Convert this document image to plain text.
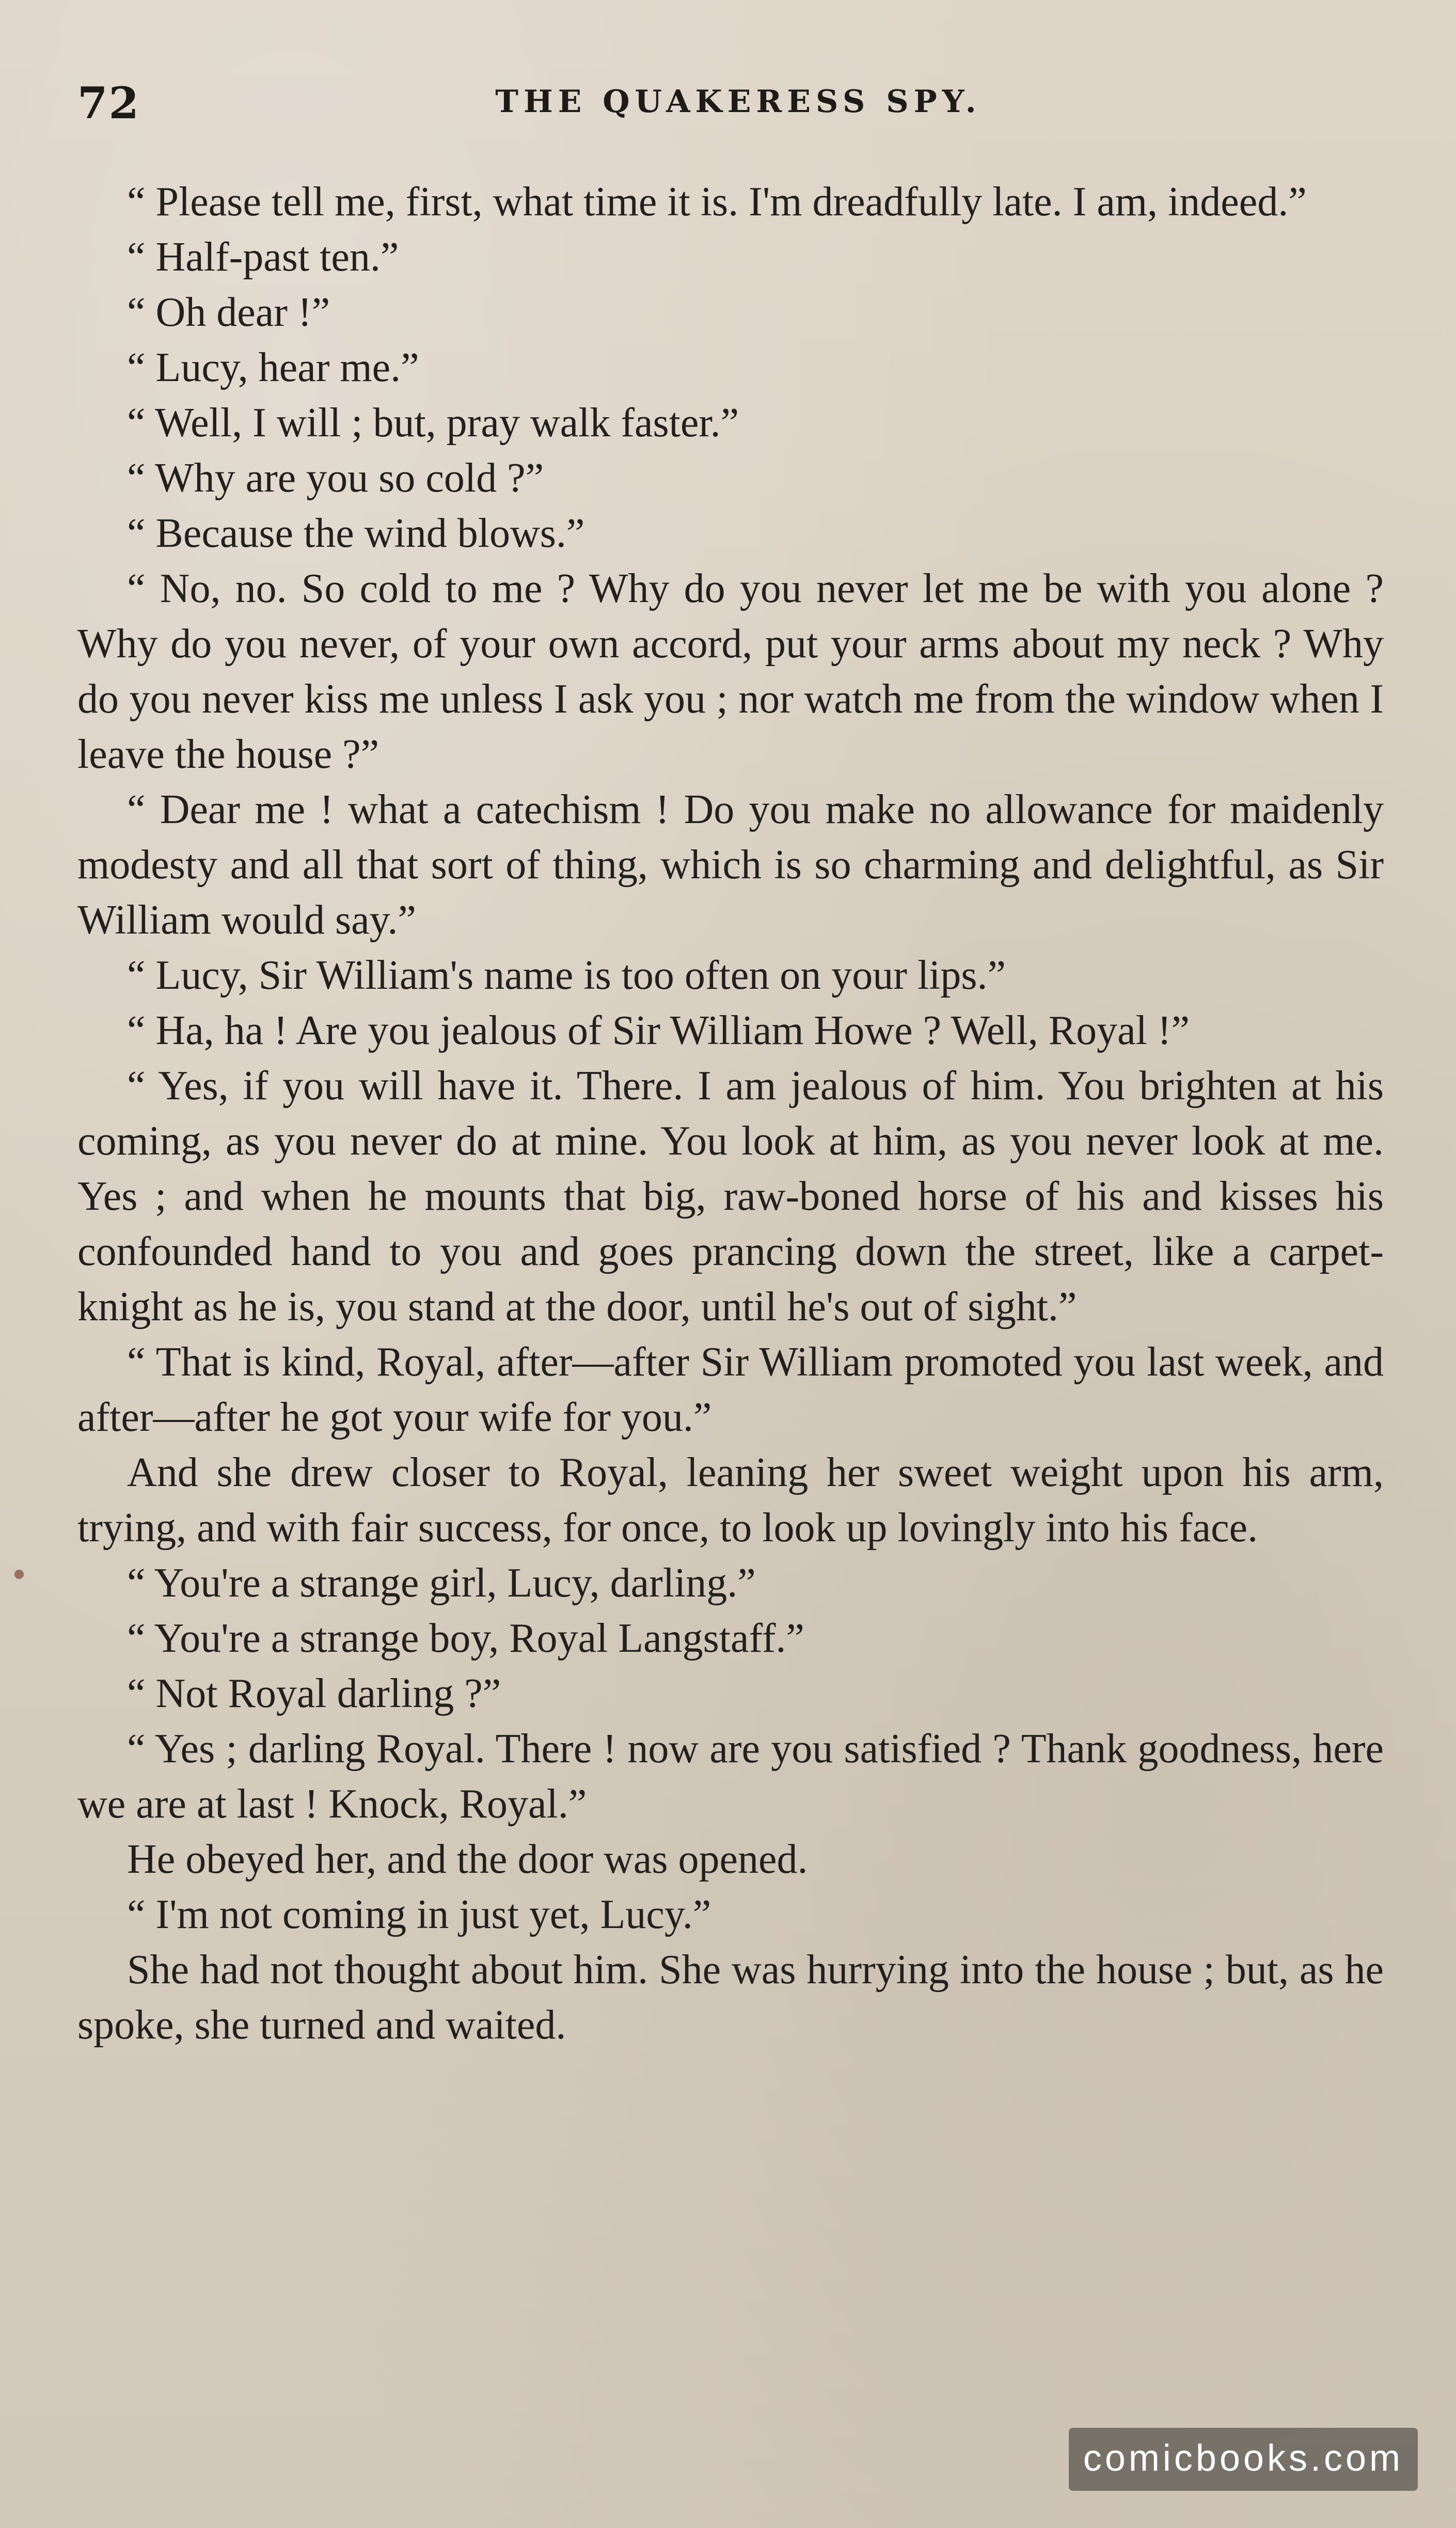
72	THE QUAKERESS SPY.

“ Please tell me, first, what time it is. I'm dreadfully late. I am, indeed.”

“ Half-past ten.”

“ Oh dear !”

“ Lucy, hear me.”

“ Well, I will ; but, pray walk faster.”

“ Why are you so cold ?”

“ Because the wind blows.”

“ No, no. So cold to me ? Why do you never let me be with you alone ? Why do you never, of your own accord, put your arms about my neck ? Why do you never kiss me unless I ask you ; nor watch me from the window when I leave the house ?”

“ Dear me ! what a catechism ! Do you make no allowance for maidenly modesty and all that sort of thing, which is so charming and delightful, as Sir William would say.”

“ Lucy, Sir William's name is too often on your lips.”

“ Ha, ha ! Are you jealous of Sir William Howe ? Well, Royal !”

“ Yes, if you will have it. There. I am jealous of him. You brighten at his coming, as you never do at mine. You look at him, as you never look at me. Yes ; and when he mounts that big, raw-boned horse of his and kisses his confounded hand to you and goes prancing down the street, like a carpet-knight as he is, you stand at the door, until he's out of sight.”

“ That is kind, Royal, after—after Sir William promoted you last week, and after—after he got your wife for you.”

And she drew closer to Royal, leaning her sweet weight upon his arm, trying, and with fair success, for once, to look up lovingly into his face.

“ You're a strange girl, Lucy, darling.”

“ You're a strange boy, Royal Langstaff.”

“ Not Royal darling ?”

“ Yes ; darling Royal. There ! now are you satisfied ? Thank goodness, here we are at last ! Knock, Royal.”

He obeyed her, and the door was opened.

“ I'm not coming in just yet, Lucy.”

She had not thought about him. She was hurrying into the house ; but, as he spoke, she turned and waited.

comicbooks.com
